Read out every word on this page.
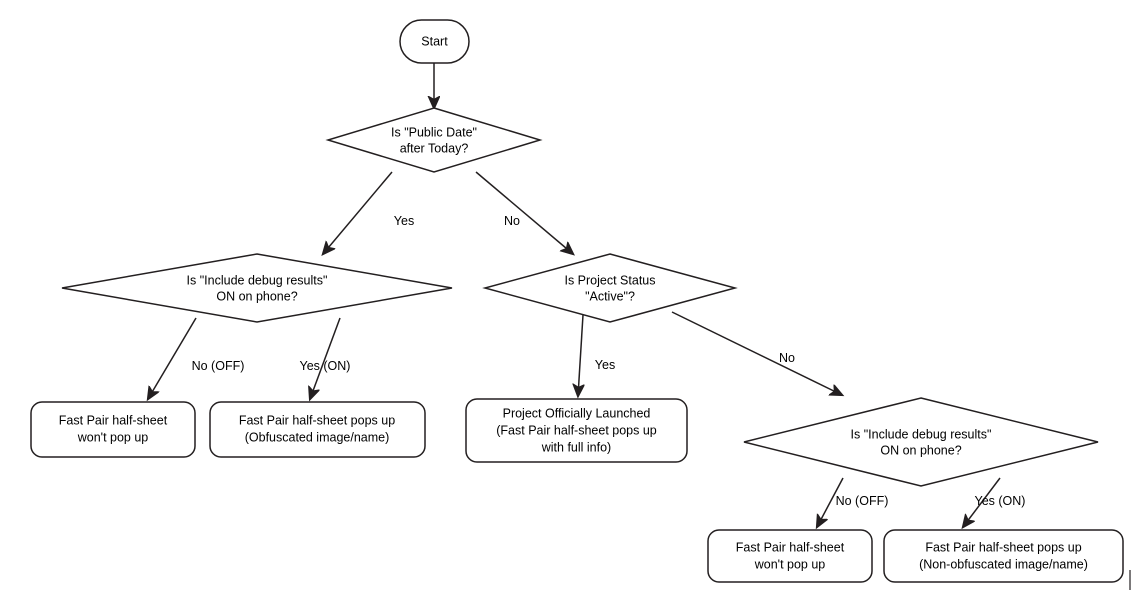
Yes	No
No (OFF)	Yes (ON)	Yes	No
No (OFF)	Yes (ON)
Start
Is "Public Date"
after Today?
Is "Include debug results"
ON on phone?
Is Project Status
"Active"?
Fast Pair half-sheet
won't pop up
Fast Pair half-sheet pops up
(Obfuscated image/name)
Project Officially Launched
(Fast Pair half-sheet pops up
with full info)
Is "Include debug results"
ON on phone?
Fast Pair half-sheet
won't pop up
Fast Pair half-sheet pops up
(Non-obfuscated image/name)
